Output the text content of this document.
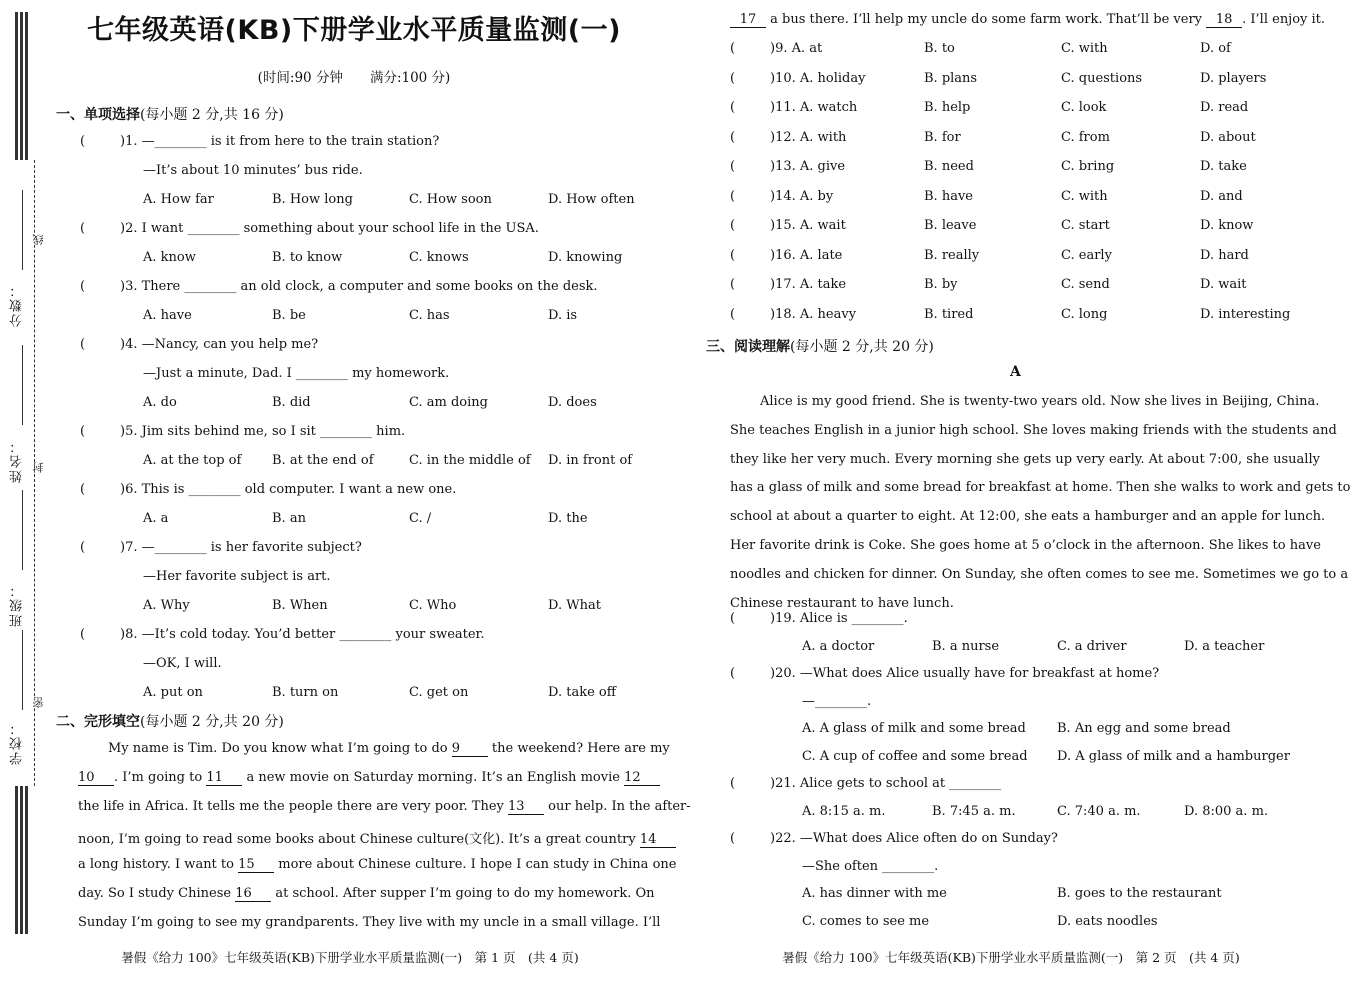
分数：
姓名：
班级：
学校：
线
封
密
七年级英语(KB)下册学业水平质量监测(一)
(时间:90 分钟　　满分:100 分)
一、单项选择(每小题 2 分,共 16 分)
(	)1. —________ is it from here to the train station?
—It’s about 10 minutes’ bus ride.
A. How far	B. How long	C. How soon	D. How often
(	)2. I want ________ something about your school life in the USA.
A. know	B. to know	C. knows	D. knowing
(	)3. There ________ an old clock, a computer and some books on the desk.
A. have	B. be	C. has	D. is
(	)4. —Nancy, can you help me?
—Just a minute, Dad. I ________ my homework.
A. do	B. did	C. am doing	D. does
(	)5. Jim sits behind me, so I sit ________ him.
A. at the top of B. at the end of	C. in the middle of D. in front of
(	)6. This is ________ old computer. I want a new one.
A. a	B. an	C. /	D. the
(	)7. —________ is her favorite subject?
—Her favorite subject is art.
A. Why	B. When	C. Who	D. What
(	)8. —It’s cold today. You’d better ________ your sweater.
—OK, I will.
A. put on	B. turn on	C. get on	D. take off
二、完形填空(每小题 2 分,共 20 分)
My name is Tim. Do you know what I’m going to do 9 the weekend? Here are my
10 . I’m going to 11 a new movie on Saturday morning. It’s an English movie 12
the life in Africa. It tells me the people there are very poor. They 13 our help. In the after-
noon, I’m going to read some books about Chinese culture(文化). It’s a great country 14
a long history. I want to 15 more about Chinese culture. I hope I can study in China one
day. So I study Chinese 16 at school. After supper I’m going to do my homework. On
Sunday I’m going to see my grandparents. They live with my uncle in a small village. I’ll
17 a bus there. I’ll help my uncle do some farm work. That’ll be very 18 . I’ll enjoy it.
(	)9. A. at	B. to	C. with	D. of
(	)10. A. holiday	B. plans	C. questions	D. players
(	)11. A. watch	B. help	C. look	D. read
(	)12. A. with	B. for	C. from	D. about
(	)13. A. give	B. need	C. bring	D. take
(	)14. A. by	B. have	C. with	D. and
(	)15. A. wait	B. leave	C. start	D. know
(	)16. A. late	B. really	C. early	D. hard
(	)17. A. take	B. by	C. send	D. wait
(	)18. A. heavy	B. tired	C. long	D. interesting
三、阅读理解(每小题 2 分,共 20 分)
A
Alice is my good friend. She is twenty-two years old. Now she lives in Beijing, China.
She teaches English in a junior high school. She loves making friends with the students and
they like her very much. Every morning she gets up very early. At about 7:00, she usually
has a glass of milk and some bread for breakfast at home. Then she walks to work and gets to
school at about a quarter to eight. At 12:00, she eats a hamburger and an apple for lunch.
Her favorite drink is Coke. She goes home at 5 o’clock in the afternoon. She likes to have
noodles and chicken for dinner. On Sunday, she often comes to see me. Sometimes we go to a
Chinese restaurant to have lunch.
(	)19. Alice is ________.
A. a doctor	B. a nurse	C. a driver	D. a teacher
(	)20. —What does Alice usually have for breakfast at home?
—________.
A. A glass of milk and some bread B. An egg and some bread
C. A cup of coffee and some bread D. A glass of milk and a hamburger
(	)21. Alice gets to school at ________
A. 8:15 a. m.	B. 7:45 a. m.	C. 7:40 a. m.	D. 8:00 a. m.
(	)22. —What does Alice often do on Sunday?
—She often ________.
A. has dinner with me	B. goes to the restaurant
C. comes to see me	D. eats noodles
暑假《给力 100》七年级英语(KB)下册学业水平质量监测(一)　第 1 页　(共 4 页)	暑假《给力 100》七年级英语(KB)下册学业水平质量监测(一)　第 2 页　(共 4 页)
